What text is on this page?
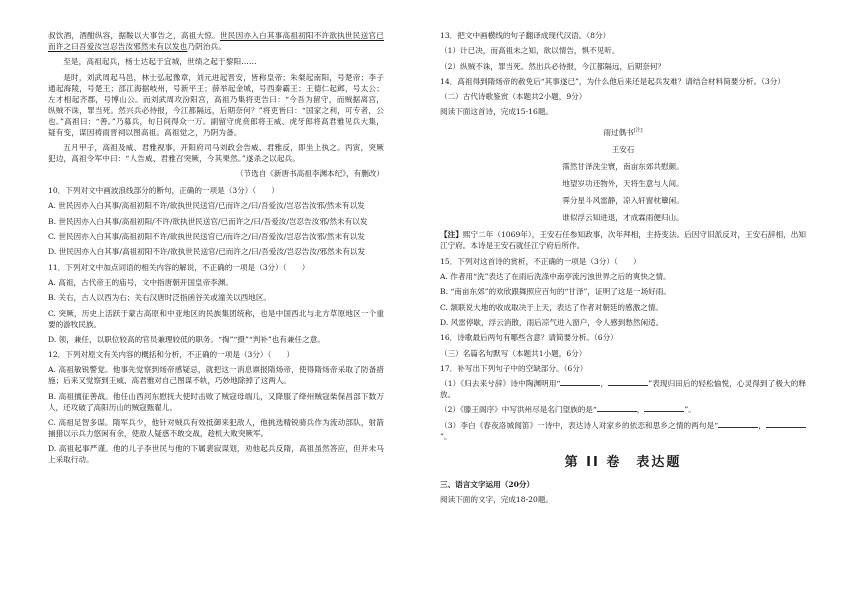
叔饮酒，酒酣纵容，据鞍以大事告之，高祖大惊。世民因亦入白其事高祖初阳不许欲执世民送官已而许之曰吾爱汝岂忍告汝邪然未有以发也乃阴治兵。

至是，高祖起兵，杨士达起于宜城，世绩之起于黎阳……

是时，刘武周起马邑，林士弘起豫章，刘元进起晋安，皆称皇帝；朱粲起南阳，号楚帝；李子通起海陵，号楚王；邵江海据岐州，号新平王；薛举起金城，号西秦霸王；王德仁起邺，号太公；左才相起齐郡，号博山公。而刘武周攻汾阳宫，高祖乃集将吏告曰：“今吾为留守，而贼据离宫，纵贼不诛，罪当死。然兴兵必待报，今江都隔远，后期奈何？”将吏皆曰：“国家之利，可专者，公也。”高祖曰：“善。”乃募兵，旬日间得众一万。副留守虎贲郎将王威、虎牙郎将高君雅见兵大集，疑有变，谋因祷雨晋祠以图高祖。高祖觉之，乃阴为备。

五月甲子，高祖及威、君雅视事，开阳府司马刘政会告威、君雅反，即坐上执之。丙寅，突厥犯边，高祖令军中曰：“人告威、君雅召突厥，今其果然。”遂杀之以起兵。

（节选自《新唐书高祖李渊本纪》，有删改）

10．下列对文中画波浪线部分的断句，正确的一项是（3分）（　　）

A. 世民因亦入白其事/高祖初阳不许/欲执世民送官/已而许之/曰/吾爱汝/岂忍告汝邪/然未有以发

B. 世民因亦入白其事/高祖初阳/不许/欲执世民送官/已而许之/曰/吾爱汝/岂忍告汝邪/然未有以发

C. 世民因亦入白其事/高祖初阳不许/欲执世民送官已/而许之/曰/吾爱汝/岂忍告汝邪/然未有以发

D. 世民因亦入白其事/高祖初阳不许/欲执世民送官/已而许之/曰/吾爱汝/岂忍告汝/邪然未有以发

11．下列对文中加点词语的相关内容的解说，不正确的一项是（3分）（　　）

A. 高祖，古代帝王的庙号，文中指唐朝开国皇帝李渊。

B. 关右，古人以西为右；关右汉唐时泛指函谷关或潼关以西地区。

C. 突厥，历史上活跃于蒙古高原和中亚地区的民族集团统称，也是中国西北与北方草原地区一个重要的游牧民族。

D. 领，兼任，以职位较高的官员兼理较低的职务。“掏”“摄”“判补”也有兼任之意。

12．下列对原文有关内容的概括和分析，不正确的一项是（3分）（　　）

A. 高祖敏锐警觉。他事先觉察到炀帝感疑忌，就把这一消息禀报隋炀帝，使得隋炀帝采取了防备措施；后来又觉察到王威、高君雅对自己图谋不轨，巧妙地除掉了这两人。

B. 高祖擅征善战。他任山西河东慰抚大使时击败了贼寇母端儿，又降服了绛州贼寇柴保昌部下数万人，还攻破了高阳历山的贼寇甄翟儿。

C. 高祖足智多谋。隋军兵少，他针对贼兵有效抵御来犯敌人，他挑选精锐骑兵作为流动部队，射箭捕猎以示兵力悠闲有余，使敌人疑惑不敢交战，趁机大败突厥军。

D. 高祖起事严谨。他的儿子李世民与他的下属裴寂谋划，劝他起兵反隋，高祖虽然答应，但并未马上采取行动。

13．把文中画横线的句子翻译成现代汉语。（8分）

（1）计已决，而高祖未之知，欲以情告，惧不见听。

（2）纵贼不诛，罪当死。然出兵必待报，今江都隔远，后期奈何？

14．高祖得到隋炀帝的赦免后“其事遂已”，为什么他后来还是起兵发难？请结合材料简要分析。（3分）

（二）古代诗歌鉴赏（本题共2小题，9分）

阅读下面这首诗，完成15-16题。

雨过偶书[注]
王安石
霈然甘泽洗尘寰，南亩东郊共慰颜。
地望岁功还物外，天将生意与人间。
霁分星斗风雷静，凉入轩窗枕簟闲。
谁似浮云知进退，才成霖雨便归山。

【注】熙宁二年（1069年），王安石任参知政事，次年拜相，主持变法。后因守旧派反对，王安石辞相，出知江宁府。本诗是王安石就任江宁府后所作。

15．下列对这首诗的赏析，不正确的一项是（3分）（　　）

A. 作者用“洗”表达了在雨后洗涤中南亭流污浊世界之后的爽快之情。

B. “南亩东郊”的欢欣跟舞照应百句的“甘泽”，证明了这是一场好雨。

C. 颔联说大地的收成取决于上天，表达了作者对朝廷的感激之情。

D. 风雷停歇，浮云消散，雨后凉气进入窗户，令人感到愁然闲适。

16．诗歌最后两句有哪些含意？请简要分析。（6分）

（三）名篇名句默写（本题共1小题，6分）

17．补写出下列句子中的空缺部分。（6分）

（1）《归去来兮辞》诗中陶渊明用“	，	”表现归田后的轻松愉悦，心灵得到了极大的释放。

（2）《滕王阁序》中写洪州尽是名门望族的是“	，	”。

（3）李白《春夜洛城闻笛》一诗中，表达诗人对家乡的依恋和思乡之情的两句是“	，”。

第 II 卷　表达题

三、语言文字运用（20分）

阅读下面的文字，完成18-20题。
